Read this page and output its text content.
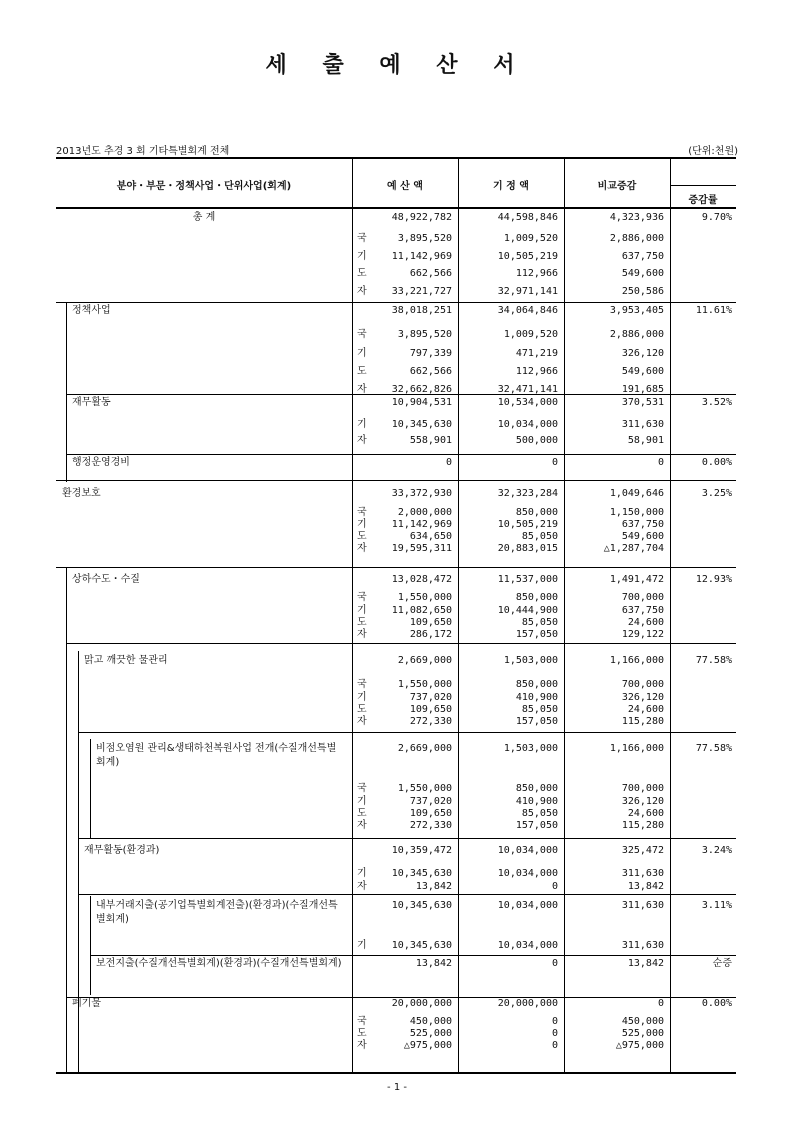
세 출 예 산 서
2013년도 추경 3 회 기타특별회계 전체	(단위:천원)
분야・부문・정책사업・단위사업(회계)	예 산 액	기 정 액	비교증감
증감률
총 계	48,922,782	44,598,846	4,323,936	9.70%
국	3,895,520	1,009,520	2,886,000
기	11,142,969	10,505,219	637,750
도	662,566	112,966	549,600
자	33,221,727	32,971,141	250,586
정책사업	38,018,251	34,064,846	3,953,405	11.61%
국	3,895,520	1,009,520	2,886,000
기	797,339	471,219	326,120
도	662,566	112,966	549,600
자	32,662,826	32,471,141	191,685
재무활동	10,904,531	10,534,000	370,531	3.52%
기	10,345,630	10,034,000	311,630
자	558,901	500,000	58,901
행정운영경비	0	0	0	0.00%
환경보호	33,372,930	32,323,284	1,049,646	3.25%
국	2,000,000	850,000	1,150,000
기	11,142,969	10,505,219	637,750
도	634,650	85,050	549,600
자	19,595,311	20,883,015	△1,287,704
상하수도・수질	13,028,472	11,537,000	1,491,472	12.93%
국	1,550,000	850,000	700,000
기	11,082,650	10,444,900	637,750
도	109,650	85,050	24,600
자	286,172	157,050	129,122
맑고 깨끗한 물관리	2,669,000	1,503,000	1,166,000	77.58%
국	1,550,000	850,000	700,000
기	737,020	410,900	326,120
도	109,650	85,050	24,600
자	272,330	157,050	115,280
비점오염원 관리&생태하천복원사업 전개(수질개선특별회계)
2,669,000	1,503,000	1,166,000	77.58%
국	1,550,000	850,000	700,000
기	737,020	410,900	326,120
도	109,650	85,050	24,600
자	272,330	157,050	115,280
재무활동(환경과)	10,359,472	10,034,000	325,472	3.24%
기	10,345,630	10,034,000	311,630
자	13,842	0	13,842
내부거래지출(공기업특별회계전출)(환경과)(수질개선특별회계)
10,345,630	10,034,000	311,630	3.11%
기	10,345,630	10,034,000	311,630
보전지출(수질개선특별회계)(환경과)(수질개선특별회계)	13,842	0	13,842	순증
폐기물	20,000,000	20,000,000	0	0.00%
국	450,000	0	450,000
도	525,000	0	525,000
자	△975,000	0	△975,000
- 1 -
